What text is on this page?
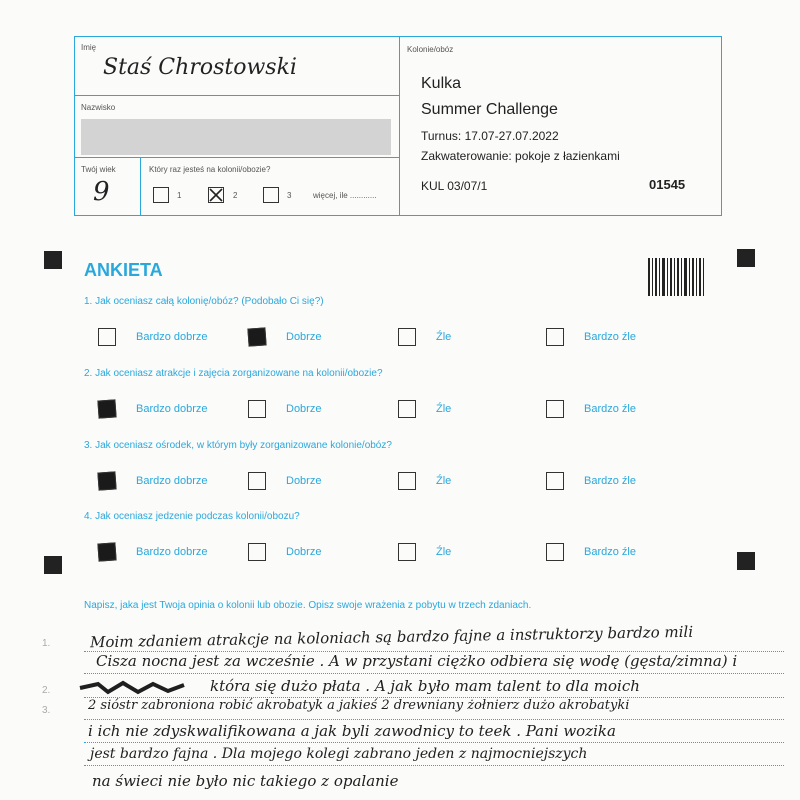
Imię
Staś Chrostowski
Nazwisko
Twój wiek
9
Który raz jesteś na kolonii/obozie?
1	2	3	więcej, ile ............
Kolonie/obóz
Kulka
Summer Challenge
Turnus: 17.07-27.07.2022
Zakwaterowanie: pokoje z łazienkami
KUL 03/07/1	01545
ANKIETA
1. Jak oceniasz całą kolonię/obóz? (Podobało Ci się?)
Bardzo dobrze	Dobrze	Źle	Bardzo źle
2. Jak oceniasz atrakcje i zajęcia zorganizowane na kolonii/obozie?
Bardzo dobrze	Dobrze	Źle	Bardzo źle
3. Jak oceniasz ośrodek, w którym były zorganizowane kolonie/obóz?
Bardzo dobrze	Dobrze	Źle	Bardzo źle
4. Jak oceniasz jedzenie podczas kolonii/obozu?
Bardzo dobrze	Dobrze	Źle	Bardzo źle
Napisz, jaka jest Twoja opinia o kolonii lub obozie. Opisz swoje wrażenia z pobytu w trzech zdaniach.
1.
2.
3.
Moim zdaniem atrakcje na koloniach są bardzo fajne a instruktorzy bardzo mili
Cisza nocna jest za wcześnie . A w przystani ciężko odbiera się wodę (gęsta/zimna) i
która się dużo płata . A jak było mam talent to dla moich
2 sióstr zabroniona robić akrobatyk a jakieś 2 drewniany żołnierz dużo akrobatyki
i ich nie zdyskwalifikowana a jak byli zawodnicy to teek . Pani wozika
jest bardzo fajna . Dla mojego kolegi zabrano jeden z najmocniejszych
na świeci nie było nic takiego z opalanie
